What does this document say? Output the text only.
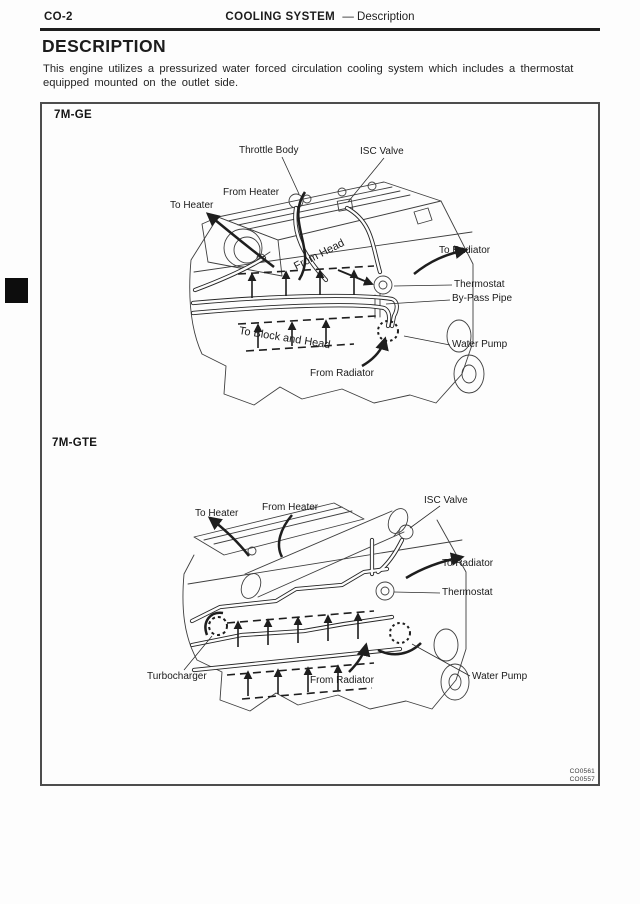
CO-2	COOLING SYSTEM — Description
DESCRIPTION
This engine utilizes a pressurized water forced circulation cooling system which includes a thermostat
equipped mounted on the outlet side.
7M-GE
7M-GTE
Throttle Body	ISC Valve
From Heater
To Heater
From Head	To Radiator
Thermostat
By-Pass Pipe
To Block and Head	Water Pump
From Radiator
To Heater
From Heater
ISC Valve
To Radiator
Thermostat
Turbocharger	From Radiator	Water Pump
CO0561
CO0557
